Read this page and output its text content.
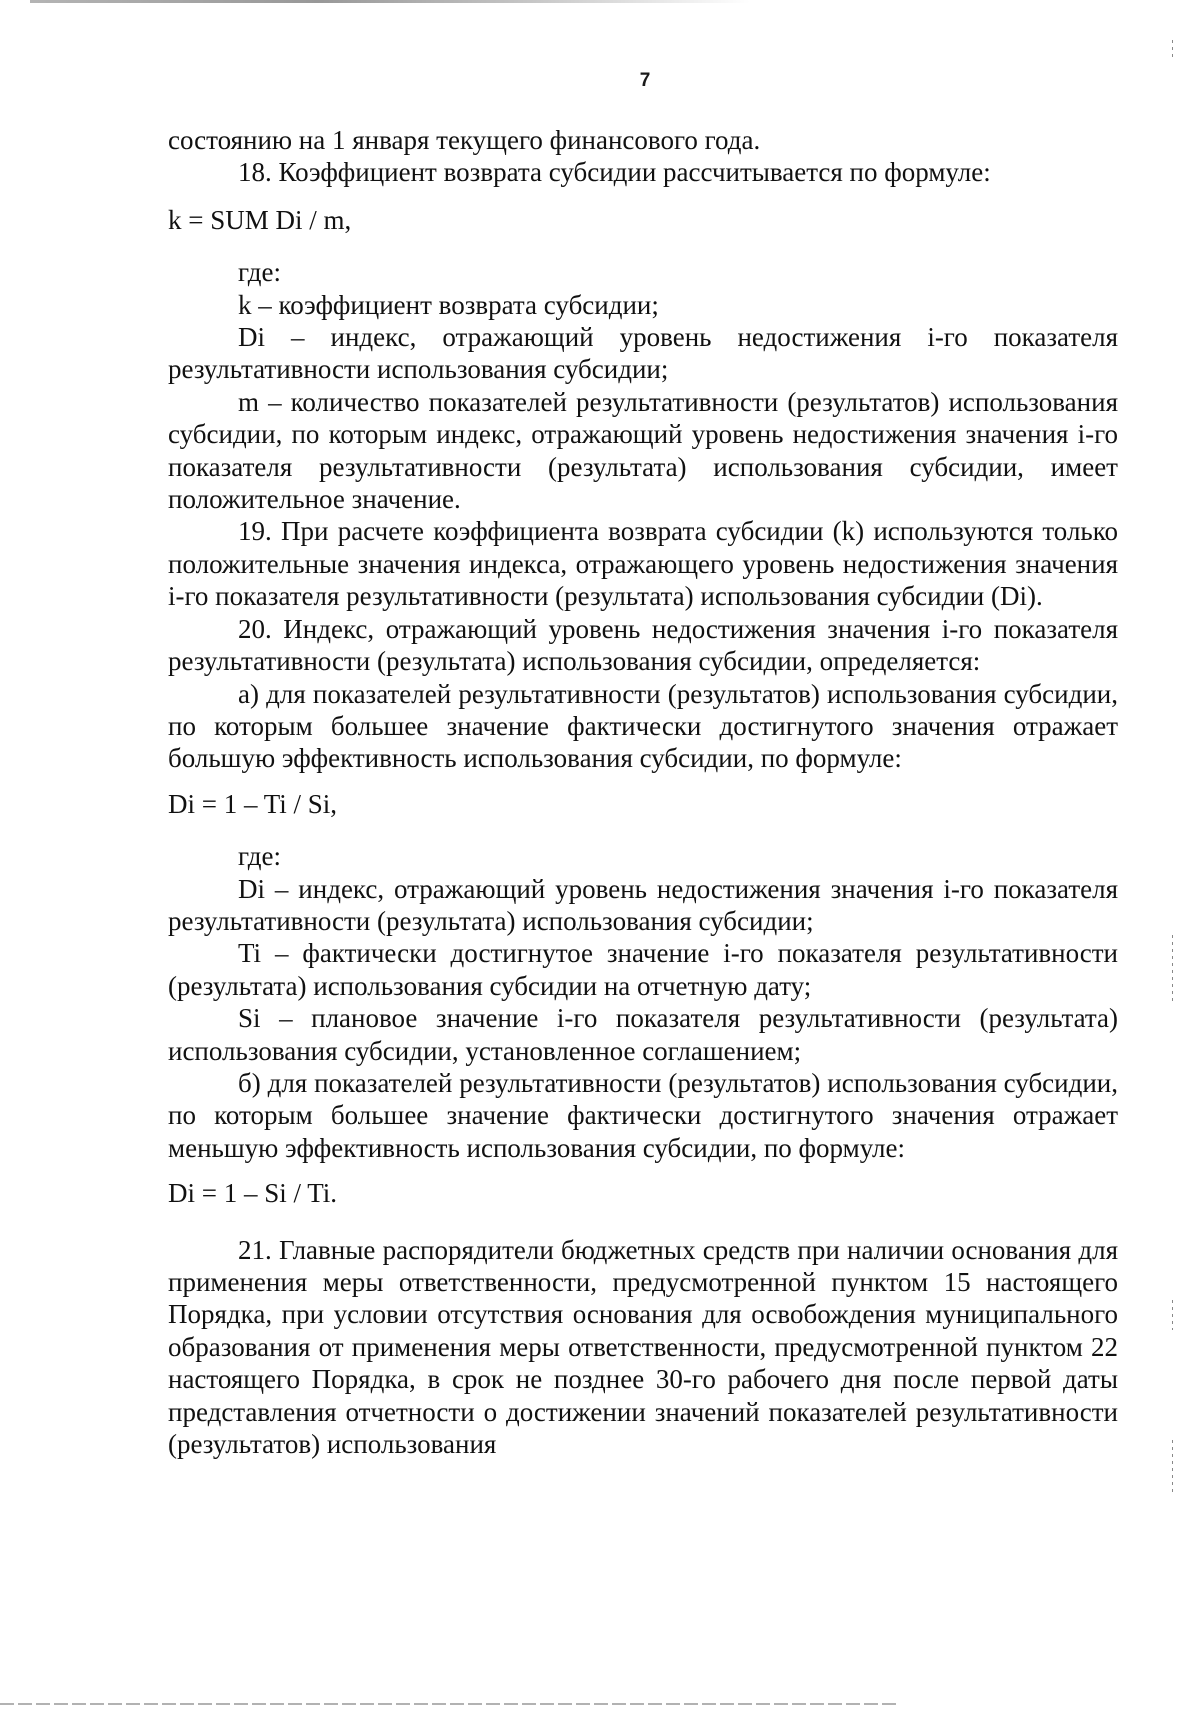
7

состоянию на 1 января текущего финансового года.

18. Коэффициент возврата субсидии рассчитывается по формуле:

k = SUM Di / m,

где:

k – коэффициент возврата субсидии;

Di – индекс, отражающий уровень недостижения i-го показателя результативности использования субсидии;

m – количество показателей результативности (результатов) использования субсидии, по которым индекс, отражающий уровень недостижения значения i-го показателя результативности (результата) использования субсидии, имеет положительное значение.

19. При расчете коэффициента возврата субсидии (k) используются только положительные значения индекса, отражающего уровень недостижения значения i-го показателя результативности (результата) использования субсидии (Di).

20. Индекс, отражающий уровень недостижения значения i-го показателя результативности (результата) использования субсидии, определяется:

а) для показателей результативности (результатов) использования субсидии, по которым большее значение фактически достигнутого значения отражает большую эффективность использования субсидии, по формуле:

Di = 1 – Ti / Si,

где:

Di – индекс, отражающий уровень недостижения значения i-го показателя результативности (результата) использования субсидии;

Ti – фактически достигнутое значение i-го показателя результативности (результата) использования субсидии на отчетную дату;

Si – плановое значение i-го показателя результативности (результата) использования субсидии, установленное соглашением;

б) для показателей результативности (результатов) использования субсидии, по которым большее значение фактически достигнутого значения отражает меньшую эффективность использования субсидии, по формуле:

Di = 1 – Si / Ti.

21. Главные распорядители бюджетных средств при наличии основания для применения меры ответственности, предусмотренной пунктом 15 настоящего Порядка, при условии отсутствия основания для освобождения муниципального образования от применения меры ответственности, предусмотренной пунктом 22 настоящего Порядка, в срок не позднее 30-го рабочего дня после первой даты представления отчетности о достижении значений показателей результативности (результатов) использования
